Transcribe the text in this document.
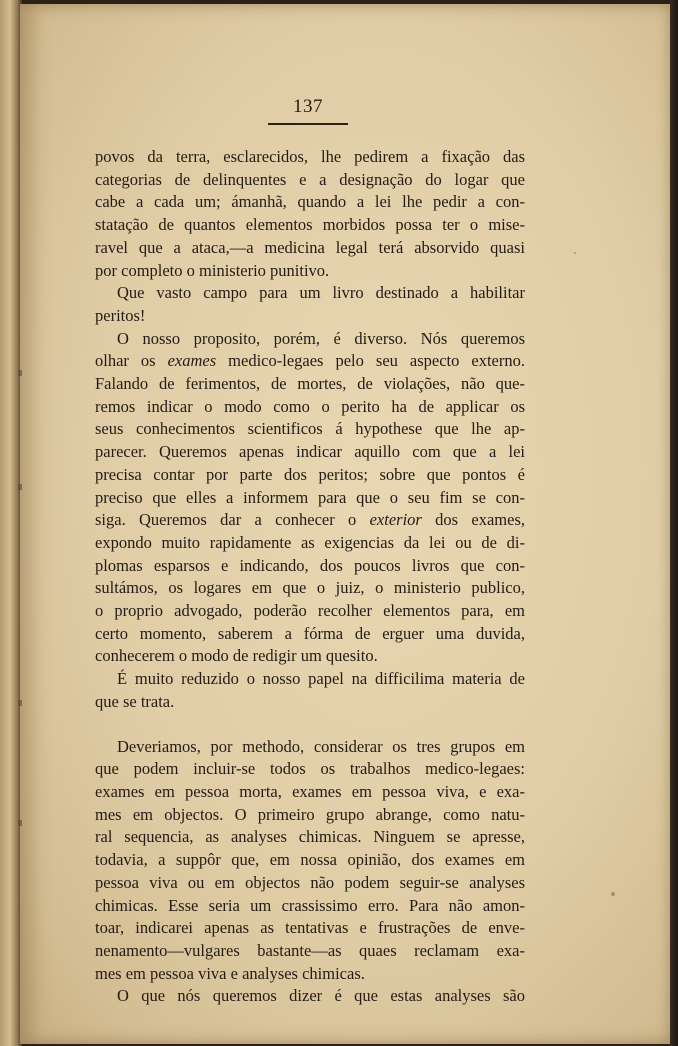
137
povos da terra, esclarecidos, lhe pedirem a fixação das
categorias de delinquentes e a designação do logar que
cabe a cada um; ámanhã, quando a lei lhe pedir a con-
statação de quantos elementos morbidos possa ter o mise-
ravel que a ataca,—a medicina legal terá absorvido quasi
por completo o ministerio punitivo.
Que vasto campo para um livro destinado a habilitar
peritos!
O nosso proposito, porém, é diverso. Nós queremos
olhar os exames medico-legaes pelo seu aspecto externo.
Falando de ferimentos, de mortes, de violações, não que-
remos indicar o modo como o perito ha de applicar os
seus conhecimentos scientificos á hypothese que lhe ap-
parecer. Queremos apenas indicar aquillo com que a lei
precisa contar por parte dos peritos; sobre que pontos é
preciso que elles a informem para que o seu fim se con-
siga. Queremos dar a conhecer o exterior dos exames,
expondo muito rapidamente as exigencias da lei ou de di-
plomas esparsos e indicando, dos poucos livros que con-
sultámos, os logares em que o juiz, o ministerio publico,
o proprio advogado, poderão recolher elementos para, em
certo momento, saberem a fórma de erguer uma duvida,
conhecerem o modo de redigir um quesito.
É muito reduzido o nosso papel na difficilima materia de
que se trata.
Deveriamos, por methodo, considerar os tres grupos em
que podem incluir-se todos os trabalhos medico-legaes:
exames em pessoa morta, exames em pessoa viva, e exa-
mes em objectos. O primeiro grupo abrange, como natu-
ral sequencia, as analyses chimicas. Ninguem se apresse,
todavia, a suppôr que, em nossa opinião, dos exames em
pessoa viva ou em objectos não podem seguir-se analyses
chimicas. Esse seria um crassissimo erro. Para não amon-
toar, indicarei apenas as tentativas e frustrações de enve-
nenamento—vulgares bastante—as quaes reclamam exa-
mes em pessoa viva e analyses chimicas.
O que nós queremos dizer é que estas analyses são
